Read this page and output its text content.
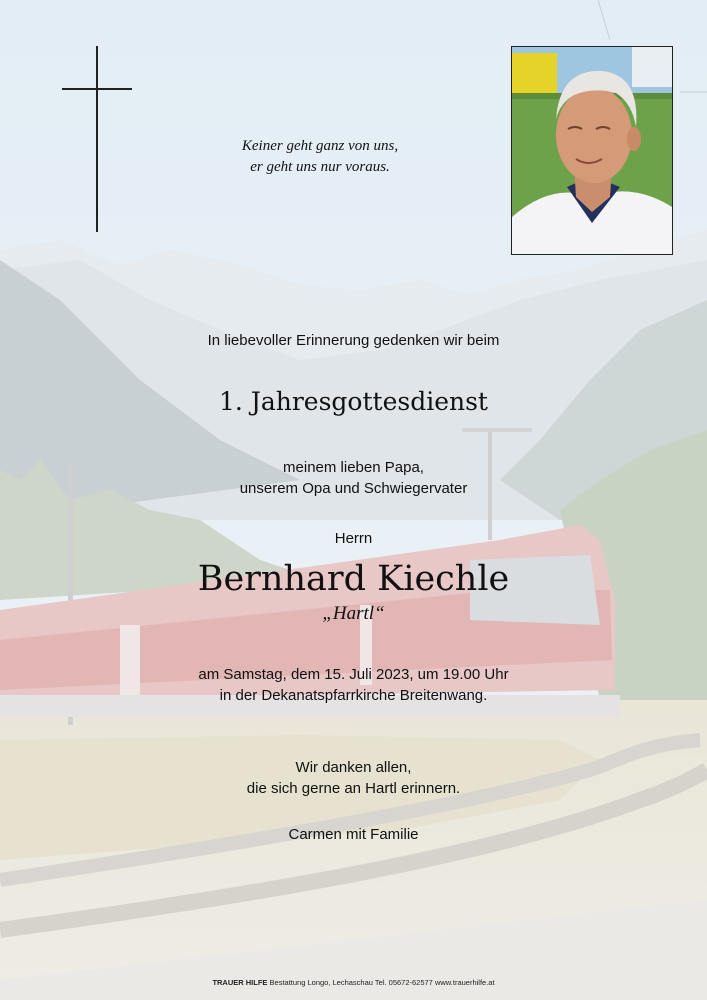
Keiner geht ganz von uns,
er geht uns nur voraus.
In liebevoller Erinnerung gedenken wir beim
1. Jahresgottesdienst
meinem lieben Papa,
unserem Opa und Schwiegervater
Herrn
Bernhard Kiechle
„Hartl“
am Samstag, dem 15. Juli 2023, um 19.00 Uhr
in der Dekanatspfarrkirche Breitenwang.
Wir danken allen,
die sich gerne an Hartl erinnern.
Carmen mit Familie
TRAUER HILFE Bestattung Longo, Lechaschau Tel. 05672-62577 www.trauerhilfe.at
